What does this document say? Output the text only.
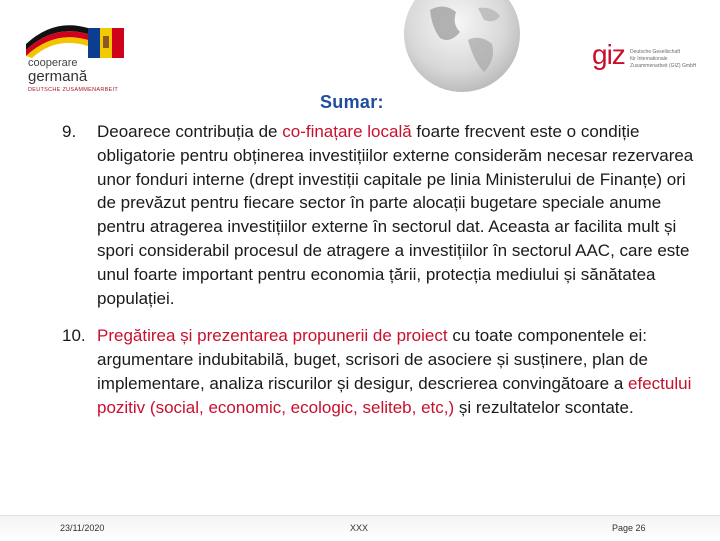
cooperare
germană
DEUTSCHE ZUSAMMENARBEIT
giz Deutsche Gesellschaft
für Internationale
Zusammenarbeit (GIZ) GmbH
Sumar:
9. Deoarece contribuția de co-finațare locală foarte frecvent este o condiție obligatorie pentru obținerea investițiilor externe considerăm necesar rezervarea unor fonduri interne (drept investiții capitale pe linia Ministerului de Finanțe) ori de prevăzut pentru fiecare sector în parte alocații bugetare speciale anume pentru atragerea investițiilor externe în sectorul dat. Aceasta ar facilita mult și spori considerabil procesul de atragere a investițiilor în sectorul AAC, care este unul foarte important pentru economia țării, protecția mediului și sănătatea populației.
10. Pregătirea și prezentarea propunerii de proiect cu toate componentele ei: argumentare indubitabilă, buget, scrisori de asociere și susținere, plan de implementare, analiza riscurilor și desigur, descrierea convingătoare a efectului pozitiv (social, economic, ecologic, seliteb, etc,) și rezultatelor scontate.
23/11/2020	XXX	Page 26
